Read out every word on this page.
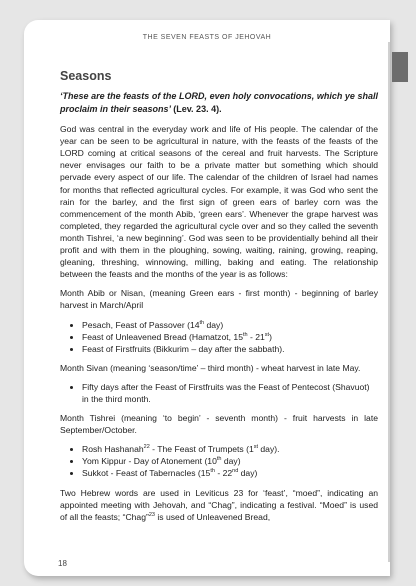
THE SEVEN FEASTS OF JEHOVAH
Seasons

‘These are the feasts of the LORD, even holy convocations, which ye shall proclaim in their seasons’ (Lev. 23. 4).

God was central in the everyday work and life of His people. The calendar of the year can be seen to be agricultural in nature, with the feasts of the feasts of the LORD coming at critical seasons of the cereal and fruit harvests. The Scripture never envisages our faith to be a private matter but something which should pervade every aspect of our life. The calendar of the children of Israel had names for months that reflected agricultural cycles. For example, it was God who sent the rain for the barley, and the first sign of green ears of barley corn was the commencement of the month Abib, ‘green ears’. Whenever the grape harvest was completed, they regarded the agricultural cycle over and so they called the seventh month Tishrei, ‘a new beginning’. God was seen to be providentially behind all their profit and with them in the ploughing, sowing, waiting, raining, growing, reaping, gleaning, threshing, winnowing, milling, baking and eating. The relationship between the feasts and the months of the year is as follows:

Month Abib or Nisan, (meaning Green ears - first month) - beginning of barley harvest in March/April

• Pesach, Feast of Passover (14th day)
• Feast of Unleavened Bread (Hamatzot, 15th - 21st)
• Feast of Firstfruits (Bikkurim – day after the sabbath).

Month Sivan (meaning ‘season/time’ – third month) - wheat harvest in late May.

• Fifty days after the Feast of Firstfruits was the Feast of Pentecost (Shavuot) in the third month.

Month Tishrei (meaning ‘to begin’ - seventh month) - fruit harvests in late September/October.

• Rosh Hashanah$^{22}$ - The Feast of Trumpets (1st day).
• Yom Kippur - Day of Atonement (10th day)
• Sukkot - Feast of Tabernacles (15th - 22nd day)

Two Hebrew words are used in Leviticus 23 for ‘feast’, “moed”, indicating an appointed meeting with Jehovah, and “Chag”, indicating a festival. “Moed” is used of all the feasts; “Chag”$^{23}$ is used of Unleavened Bread,

18
